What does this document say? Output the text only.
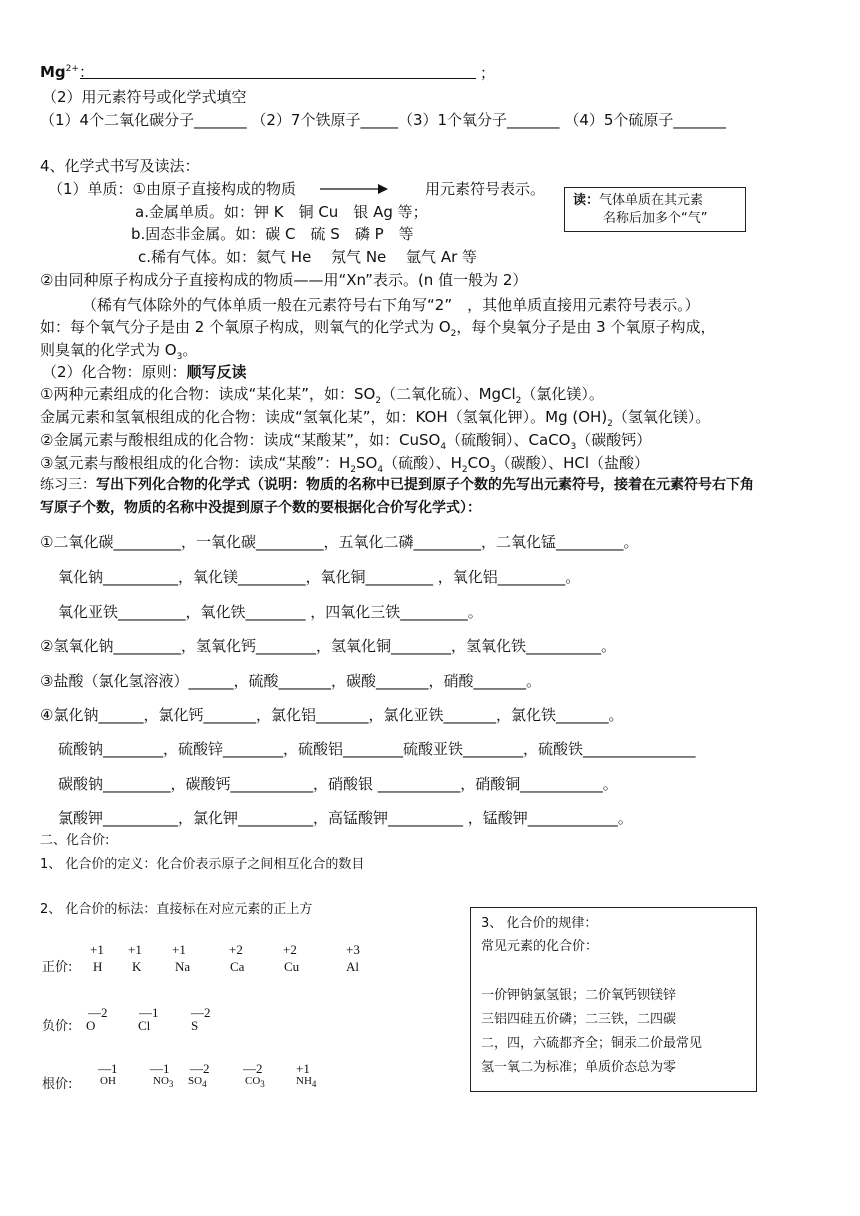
$Mg^{2+}$：	；
（2）用元素符号或化学式填空
（1）4个二氧化碳分子_______ （2）7个铁原子_____（3）1个氧分子_______ （4）5个硫原子_______
4、化学式书写及读法：
（1）单质：①由原子直接构成的物质	用元素符号表示。
读：气体单质在其元素
名称后加多个“气”
a.金属单质。如：钾 K　铜 Cu　银 Ag 等；
b.固态非金属。如：碳 C　硫 S　磷 P　等
c.稀有气体。如：氦气 He　 氖气 Ne　 氩气 Ar 等
②由同种原子构成分子直接构成的物质——用“Xn”表示。(n 值一般为 2）
（稀有气体除外的气体单质一般在元素符号右下角写“2”　，其他单质直接用元素符号表示。）
如：每个氧气分子是由 2 个氧原子构成，则氧气的化学式为 $O_2$，每个臭氧分子是由 3 个氧原子构成，
则臭氧的化学式为 $O_3$。
（2）化合物：原则：顺写反读
①两种元素组成的化合物：读成“某化某”，如：$SO_2$（二氧化硫）、MgCl$_2$（氯化镁）。
金属元素和氢氧根组成的化合物：读成“氢氧化某”，如：KOH（氢氧化钾）。Mg $(OH)_2$（氢氧化镁）。
②金属元素与酸根组成的化合物：读成“某酸某”，如：CuSO$_4$（硫酸铜）、CaCO$_3$（碳酸钙）
③氢元素与酸根组成的化合物：读成“某酸”：$H_2SO_4$（硫酸）、$H_2CO_3$（碳酸）、HCl（盐酸）
练习三：写出下列化合物的化学式（说明：物质的名称中已提到原子个数的先写出元素符号，接着在元素符号右下角
写原子个数，物质的名称中没提到原子个数的要根据化合价写化学式）：
①二氧化碳_________，一氧化碳_________，五氧化二磷_________，二氧化锰_________。
氧化钠__________，氧化镁_________，氧化铜_________ ，氧化铝_________。
氧化亚铁_________，氧化铁________ ，四氧化三铁_________。
②氢氧化钠_________，氢氧化钙________，氢氧化铜________，氢氧化铁__________。
③盐酸（氯化氢溶液）______，硫酸_______，碳酸_______，硝酸_______。
④氯化钠______，氯化钙_______，氯化铝_______，氯化亚铁_______，氯化铁_______。
硫酸钠________，硫酸锌________，硫酸铝________硫酸亚铁________，硫酸铁_______________
碳酸钠_________，碳酸钙___________，硝酸银 ___________，硝酸铜___________。
氯酸钾__________，氯化钾__________，高锰酸钾__________ ，锰酸钾____________。
二、化合价:
1、 化合价的定义：化合价表示原子之间相互化合的数目
2、 化合价的标法：直接标在对应元素的正上方
正价:
+1
H
+1
K
+1
Na
+2
Ca
+2
Cu
+3
Al
负价:
—2
O
—1
Cl
—2
S
根价:
—1
OH
—1
$NO_3$
—2
$SO_4$
—2
$CO_3$
+1
$NH_4$
3、 化合价的规律：
常见元素的化合价：
一价钾钠氯氢银；二价氧钙钡镁锌
三铝四硅五价磷；二三铁，二四碳
二，四，六硫都齐全；铜汞二价最常见
氢一氧二为标准；单质价态总为零
